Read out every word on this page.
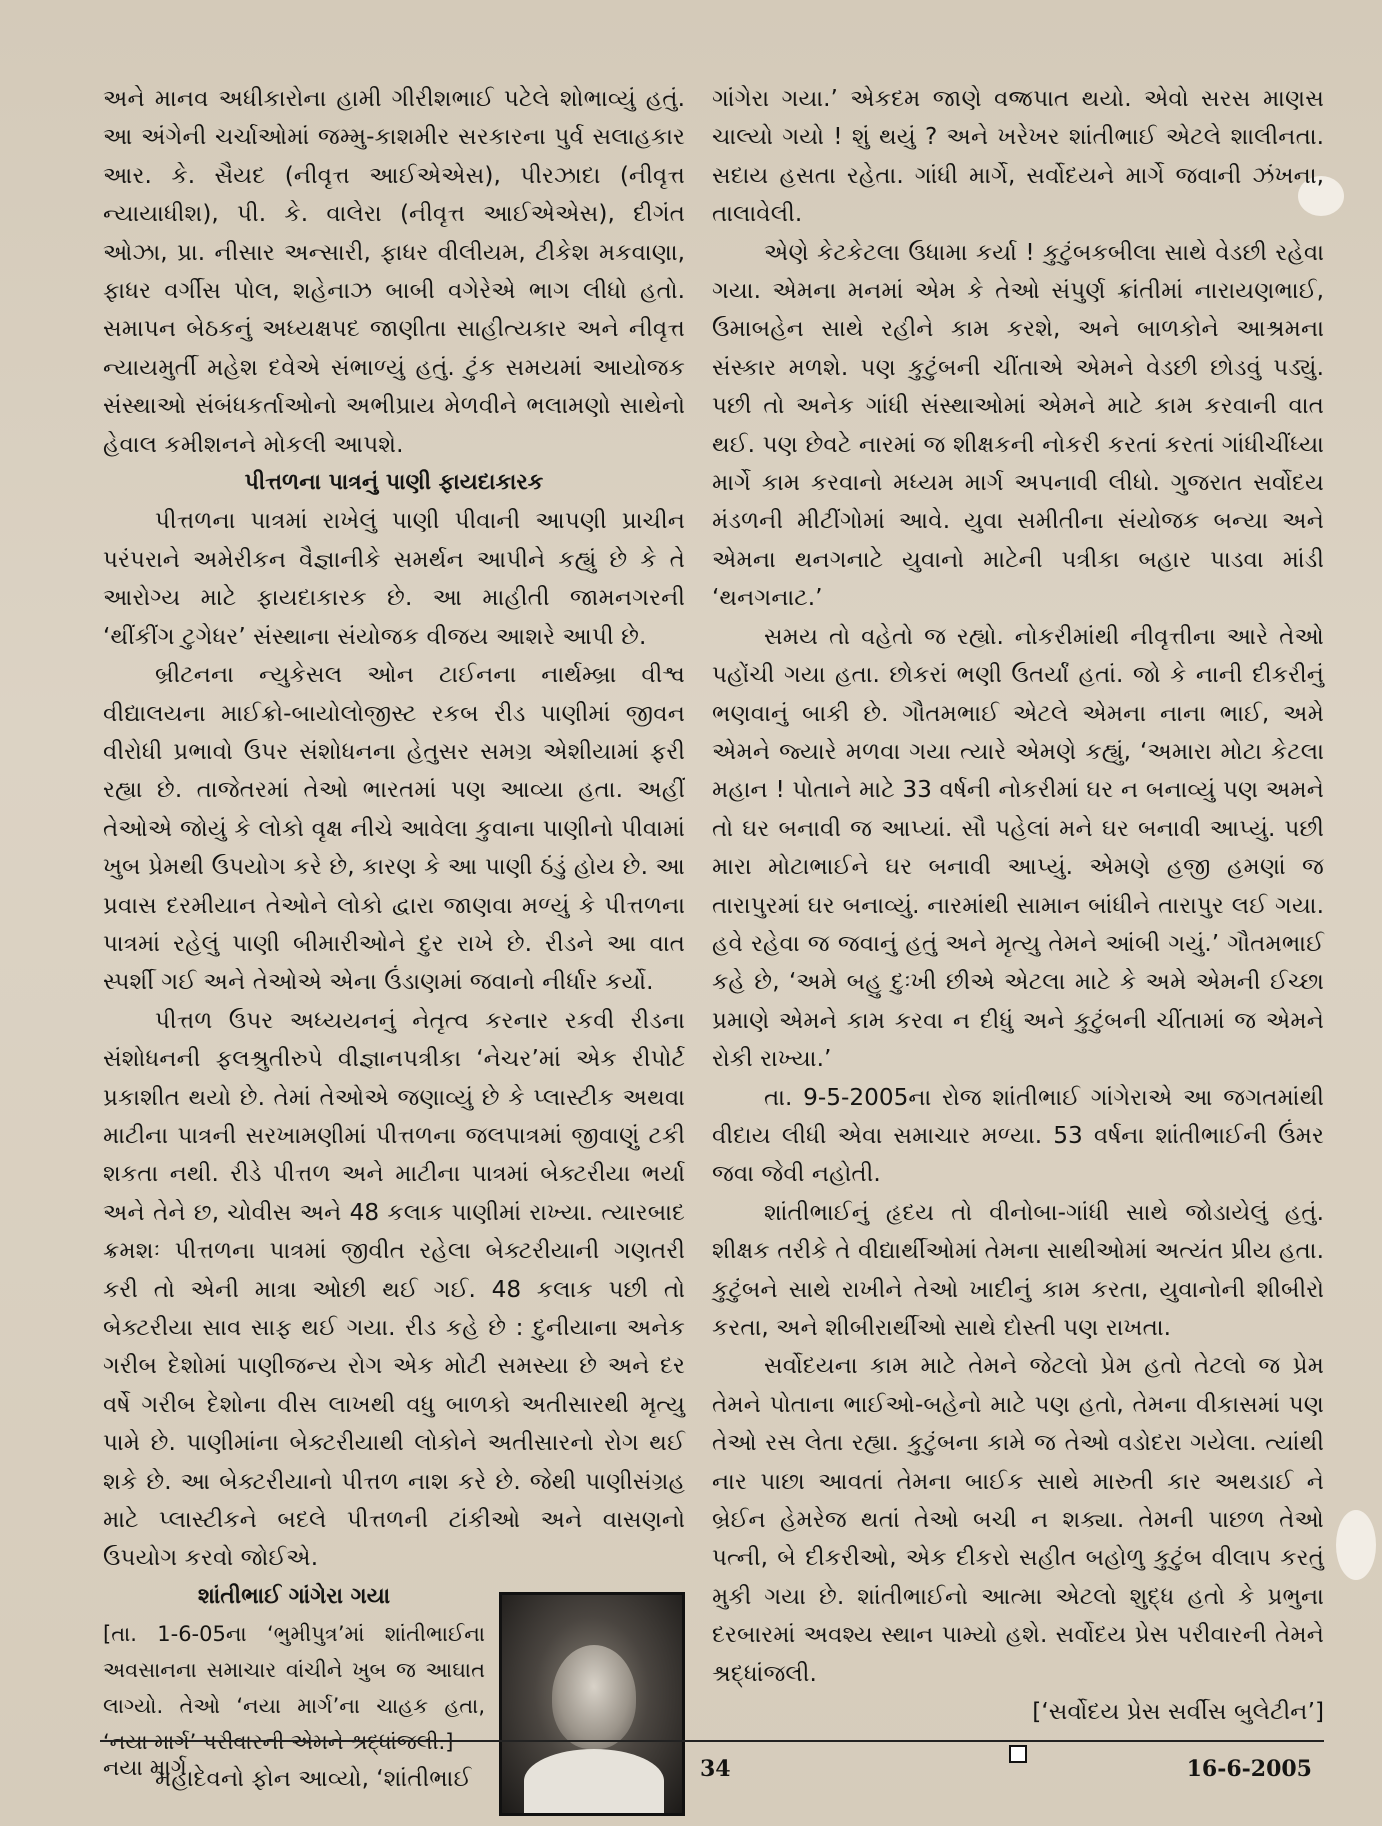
અને માનવ અધીકારોના હામી ગીરીશભાઈ પટેલે શોભાવ્યું હતું. આ અંગેની ચર્ચાઓમાં જમ્મુ-કાશમીર સરકારના પુર્વ સલાહકાર આર. કે. સૈયદ (નીવૃત્ત આઈએએસ), પીરઝાદા (નીવૃત્ત ન્યાયાધીશ), પી. કે. વાલેરા (નીવૃત્ત આઈએએસ), દીગંત ઓઝા, પ્રા. નીસાર અન્સારી, ફાધર વીલીયમ, ટીકેશ મકવાણા, ફાધર વર્ગીસ પોલ, શહેનાઝ બાબી વગેરેએ ભાગ લીધો હતો. સમાપન બેઠકનું અધ્યક્ષપદ જાણીતા સાહીત્યકાર અને નીવૃત્ત ન્યાયમુર્તી મહેશ દવેએ સંભાળ્યું હતું. ટુંક સમયમાં આયોજક સંસ્થાઓ સંબંધકર્તાઓનો અભીપ્રાય મેળવીને ભલામણો સાથેનો હેવાલ કમીશનને મોકલી આપશે.

પીત્તળના પાત્રનું પાણી ફાયદાકારક

પીત્તળના પાત્રમાં રાખેલું પાણી પીવાની આપણી પ્રાચીન પરંપરાને અમેરીકન વૈજ્ઞાનીકે સમર્થન આપીને કહ્યું છે કે તે આરોગ્ય માટે ફાયદાકારક છે. આ માહીતી જામનગરની ‘થીંકીંગ ટુગેધર’ સંસ્થાના સંયોજક વીજય આશરે આપી છે.

બ્રીટનના ન્યુકેસલ ઓન ટાઈનના નાર્થમ્બ્રા વીશ્વ વીદ્યાલયના માઈક્રો-બાયોલોજીસ્ટ રકબ રીડ પાણીમાં જીવન વીરોધી પ્રભાવો ઉપર સંશોધનના હેતુસર સમગ્ર એશીયામાં ફરી રહ્યા છે. તાજેતરમાં તેઓ ભારતમાં પણ આવ્યા હતા. અહીં તેઓએ જોયું કે લોકો વૃક્ષ નીચે આવેલા કુવાના પાણીનો પીવામાં ખુબ પ્રેમથી ઉપયોગ કરે છે, કારણ કે આ પાણી ઠંડું હોય છે. આ પ્રવાસ દરમીયાન તેઓને લોકો દ્વારા જાણવા મળ્યું કે પીત્તળના પાત્રમાં રહેલું પાણી બીમારીઓને દુર રાખે છે. રીડને આ વાત સ્પર્શી ગઈ અને તેઓએ એના ઉંડાણમાં જવાનો નીર્ધાર કર્યો.

પીત્તળ ઉપર અધ્યયનનું નેતૃત્વ કરનાર રકવી રીડના સંશોધનની ફલશ્રુતીરુપે વીજ્ઞાનપત્રીકા ‘નેચર’માં એક રીપોર્ટ પ્રકાશીત થયો છે. તેમાં તેઓએ જણાવ્યું છે કે પ્લાસ્ટીક અથવા માટીના પાત્રની સરખામણીમાં પીત્તળના જલપાત્રમાં જીવાણું ટકી શકતા નથી. રીડે પીત્તળ અને માટીના પાત્રમાં બેક્ટરીયા ભર્યા અને તેને છ, ચોવીસ અને 48 કલાક પાણીમાં રાખ્યા. ત્યારબાદ ક્રમશઃ પીત્તળના પાત્રમાં જીવીત રહેલા બેક્ટરીયાની ગણતરી કરી તો એની માત્રા ઓછી થઈ ગઈ. 48 કલાક પછી તો બેક્ટરીયા સાવ સાફ થઈ ગયા. રીડ કહે છે : દુનીયાના અનેક ગરીબ દેશોમાં પાણીજન્ય રોગ એક મોટી સમસ્યા છે અને દર વર્ષે ગરીબ દેશોના વીસ લાખથી વધુ બાળકો અતીસારથી મૃત્યુ પામે છે. પાણીમાંના બેક્ટરીયાથી લોકોને અતીસારનો રોગ થઈ શકે છે. આ બેક્ટરીયાનો પીત્તળ નાશ કરે છે. જેથી પાણીસંગ્રહ માટે પ્લાસ્ટીકને બદલે પીત્તળની ટાંકીઓ અને વાસણનો ઉપયોગ કરવો જોઈએ.

શાંતીભાઈ ગાંગેરા ગયા

[તા. 1-6-05ના ‘ભુમીપુત્ર’માં શાંતીભાઈના અવસાનના સમાચાર વાંચીને ખુબ જ આઘાત લાગ્યો. તેઓ ‘નયા માર્ગ’ના ચાહક હતા, ‘નયા માર્ગ’ પરીવારની એમને શ્રદ્ધાંજલી.]

મહાદેવનો ફોન આવ્યો, ‘શાંતીભાઈ

ગાંગેરા ગયા.’ એકદમ જાણે વજ્રપાત થયો. એવો સરસ માણસ ચાલ્યો ગયો ! શું થયું ? અને ખરેખર શાંતીભાઈ એટલે શાલીનતા. સદાય હસતા રહેતા. ગાંધી માર્ગે, સર્વોદયને માર્ગે જવાની ઝંખના, તાલાવેલી.

એણે કેટકેટલા ઉધામા કર્યા ! કુટુંબકબીલા સાથે વેડછી રહેવા ગયા. એમના મનમાં એમ કે તેઓ સંપુર્ણ ક્રાંતીમાં નારાયણભાઈ, ઉમાબહેન સાથે રહીને કામ કરશે, અને બાળકોને આશ્રમના સંસ્કાર મળશે. પણ કુટુંબની ચીંતાએ એમને વેડછી છોડવું પડ્યું. પછી તો અનેક ગાંધી સંસ્થાઓમાં એમને માટે કામ કરવાની વાત થઈ. પણ છેવટે નારમાં જ શીક્ષકની નોકરી કરતાં કરતાં ગાંધીચીંધ્યા માર્ગે કામ કરવાનો મધ્યમ માર્ગ અપનાવી લીધો. ગુજરાત સર્વોદય મંડળની મીટીંગોમાં આવે. યુવા સમીતીના સંયોજક બન્યા અને એમના થનગનાટે યુવાનો માટેની પત્રીકા બહાર પાડવા માંડી ‘થનગનાટ.’

સમય તો વહેતો જ રહ્યો. નોકરીમાંથી નીવૃત્તીના આરે તેઓ પહોંચી ગયા હતા. છોકરાં ભણી ઉતર્યાં હતાં. જો કે નાની દીકરીનું ભણવાનું બાકી છે. ગૌતમભાઈ એટલે એમના નાના ભાઈ, અમે એમને જ્યારે મળવા ગયા ત્યારે એમણે કહ્યું, ‘અમારા મોટા કેટલા મહાન ! પોતાને માટે 33 વર્ષની નોકરીમાં ઘર ન બનાવ્યું પણ અમને તો ઘર બનાવી જ આપ્યાં. સૌ પહેલાં મને ઘર બનાવી આપ્યું. પછી મારા મોટાભાઈને ઘર બનાવી આપ્યું. એમણે હજી હમણાં જ તારાપુરમાં ઘર બનાવ્યું. નારમાંથી સામાન બાંધીને તારાપુર લઈ ગયા. હવે રહેવા જ જવાનું હતું અને મૃત્યુ તેમને આંબી ગયું.’ ગૌતમભાઈ કહે છે, ‘અમે બહુ દુઃખી છીએ એટલા માટે કે અમે એમની ઈચ્છા પ્રમાણે એમને કામ કરવા ન દીધું અને કુટુંબની ચીંતામાં જ એમને રોકી રાખ્યા.’

તા. 9-5-2005ના રોજ શાંતીભાઈ ગાંગેરાએ આ જગતમાંથી વીદાય લીધી એવા સમાચાર મળ્યા. 53 વર્ષના શાંતીભાઈની ઉંમર જવા જેવી નહોતી.

શાંતીભાઈનું હૃદય તો વીનોબા-ગાંધી સાથે જોડાયેલું હતું. શીક્ષક તરીકે તે વીદ્યાર્થીઓમાં તેમના સાથીઓમાં અત્યંત પ્રીય હતા. કુટુંબને સાથે રાખીને તેઓ ખાદીનું કામ કરતા, યુવાનોની શીબીરો કરતા, અને શીબીરાર્થીઓ સાથે દોસ્તી પણ રાખતા.

સર્વોદયના કામ માટે તેમને જેટલો પ્રેમ હતો તેટલો જ પ્રેમ તેમને પોતાના ભાઈઓ-બહેનો માટે પણ હતો, તેમના વીકાસમાં પણ તેઓ રસ લેતા રહ્યા. કુટુંબના કામે જ તેઓ વડોદરા ગયેલા. ત્યાંથી નાર પાછા આવતાં તેમના બાઈક સાથે મારુતી કાર અથડાઈ ને બ્રેઈન હેમરેજ થતાં તેઓ બચી ન શક્યા. તેમની પાછળ તેઓ પત્ની, બે દીકરીઓ, એક દીકરો સહીત બહોળુ કુટુંબ વીલાપ કરતું મુકી ગયા છે. શાંતીભાઈનો આત્મા એટલો શુદ્ધ હતો કે પ્રભુના દરબારમાં અવશ્ય સ્થાન પામ્યો હશે. સર્વોદય પ્રેસ પરીવારની તેમને શ્રદ્ધાંજલી.

[‘સર્વોદય પ્રેસ સર્વીસ બુલેટીન’]

નયા માર્ગ	34	16-6-2005
